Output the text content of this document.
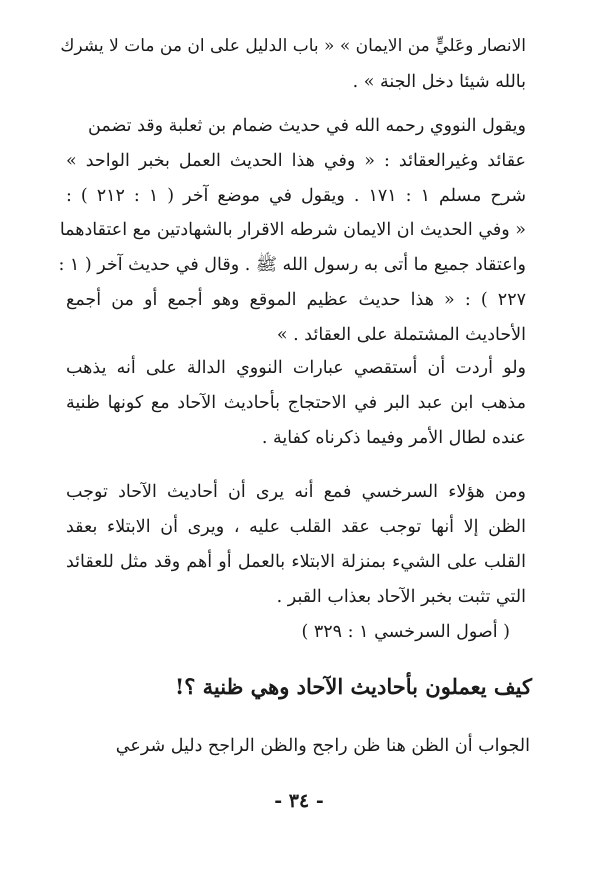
الانصار وعَليٍّ من الايمان » « باب الدليل على ان من مات لا يشرك
بالله شيئا دخل الجنة » .
ويقول النووي رحمه الله في حديث ضمام بن ثعلبة وقد تضمن
عقائد وغيرالعقائد : « وفي هذا الحديث العمل بخبر الواحد »
شرح مسلم ١ : ١٧١ . ويقول في موضع آخر ( ١ : ٢١٢ ) :
« وفي الحديث ان الايمان شرطه الاقرار بالشهادتين مع اعتقادهما
واعتقاد جميع ما أتى به رسول الله ﷺ . وقال في حديث آخر ( ١ :
٢٢٧ ) : « هذا حديث عظيم الموقع وهو أجمع أو من أجمع
الأحاديث المشتملة على العقائد . »
ولو أردت أن أستقصي عبارات النووي الدالة على أنه يذهب
مذهب ابن عبد البر في الاحتجاج بأحاديث الآحاد مع كونها ظنية
عنده لطال الأمر وفيما ذكرناه كفاية .
ومن هؤلاء السرخسي فمع أنه يرى أن أحاديث الآحاد توجب
الظن إلا أنها توجب عقد القلب عليه ، ويرى أن الابتلاء بعقد
القلب على الشيء بمنزلة الابتلاء بالعمل أو أهم وقد مثل للعقائد
التي تثبت بخبر الآحاد بعذاب القبر .
( أصول السرخسي ١ : ٣٢٩ )
كيف يعملون بأحاديث الآحاد وهي ظنية ؟!
الجواب أن الظن هنا ظن راجح والظن الراجح دليل شرعي
- ٣٤ -
